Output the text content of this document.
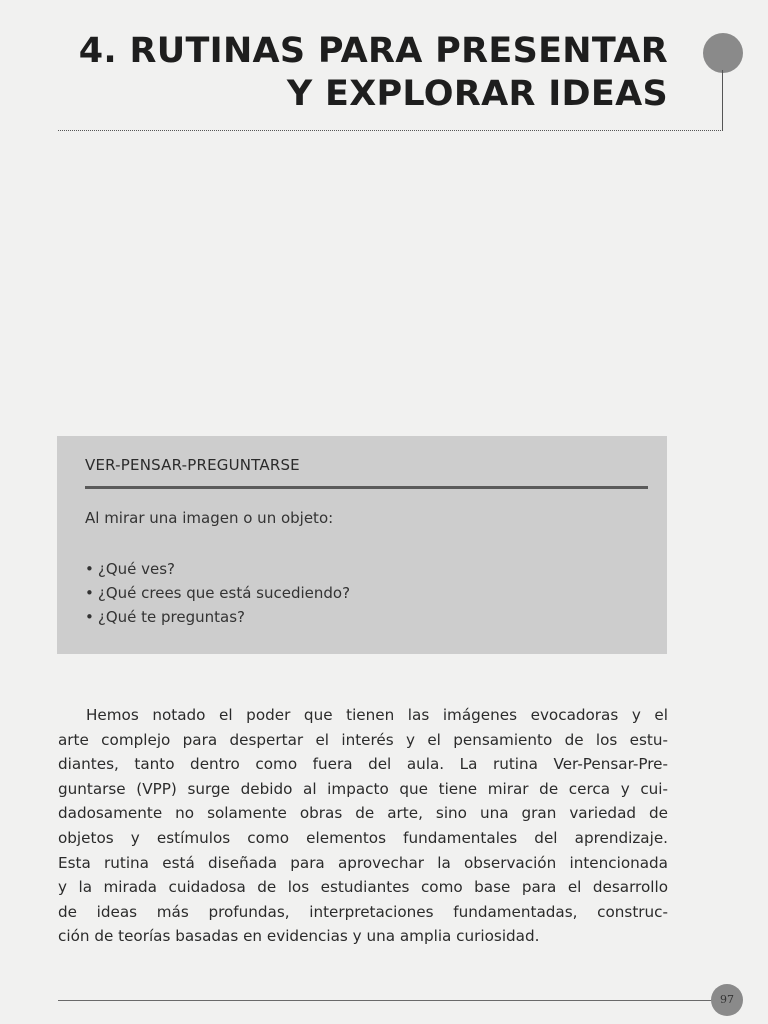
4. RUTINAS PARA PRESENTAR
Y EXPLORAR IDEAS
VER-PENSAR-PREGUNTARSE
Al mirar una imagen o un objeto:
• ¿Qué ves?
• ¿Qué crees que está sucediendo?
• ¿Qué te preguntas?
Hemos notado el poder que tienen las imágenes evocadoras y el
arte complejo para despertar el interés y el pensamiento de los estu-
diantes, tanto dentro como fuera del aula. La rutina Ver-Pensar-Pre-
guntarse (VPP) surge debido al impacto que tiene mirar de cerca y cui-
dadosamente no solamente obras de arte, sino una gran variedad de
objetos y estímulos como elementos fundamentales del aprendizaje.
Esta rutina está diseñada para aprovechar la observación intencionada
y la mirada cuidadosa de los estudiantes como base para el desarrollo
de ideas más profundas, interpretaciones fundamentadas, construc-
ción de teorías basadas en evidencias y una amplia curiosidad.
97
